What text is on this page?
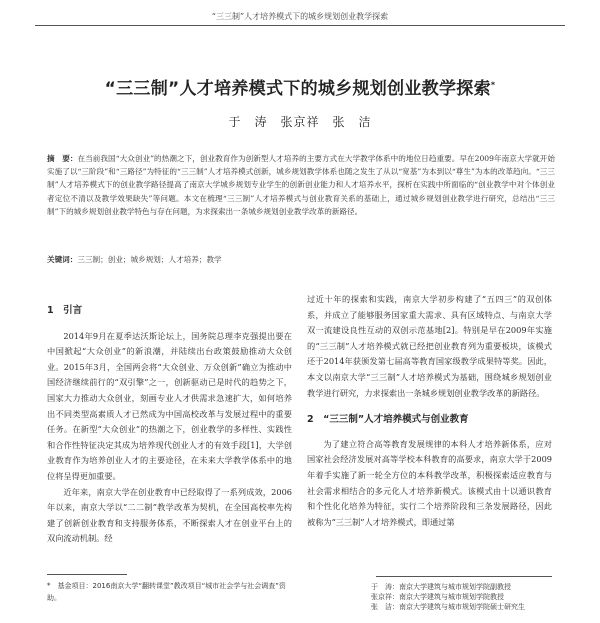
“三三制”人才培养模式下的城乡规划创业教学探索
“三三制”人才培养模式下的城乡规划创业教学探索*
于　涛　张京祥　张　洁
摘　要：在当前我国“大众创业”的热潮之下，创业教育作为创新型人才培养的主要方式在大学教学体系中的地位日趋重要。早在2009年南京大学就开始实施了以“三阶段”和“三路径”为特征的“三三制”人才培养模式创新，城乡规划教学体系也随之发生了从以“宽基”为本到以“尊生”为本的改革趋向。“三三制”人才培养模式下的创业教学路径提高了南京大学城乡规划专业学生的创新创业能力和人才培养水平，探析在实践中所面临的“创业教学中对个体创业者定位不清以及教学效果缺失”等问题。本文在梳理“三三制”人才培养模式与创业教育关系的基础上，通过城乡规划创业教学进行研究，总结出“三三制”下的城乡规划创业教学特色与存在问题，为求探索出一条城乡规划创业教学改革的新路径。
关键词：三三制；创业；城乡规划；人才培养；教学

1　引言

2014年9月在夏季达沃斯论坛上，国务院总理李克强提出要在中国掀起“大众创业”的新浪潮，并陆续出台政策鼓励推动大众创业。2015年3月，全国两会将“大众创业、万众创新”确立为推动中国经济继续前行的“双引擎”之一，创新驱动已是时代的趋势之下，国家大力推动大众创业，刻画专业人才供需求急速扩大，如何培养出不同类型高素质人才已然成为中国高校改革与发展过程中的重要任务。在新型“大众创业”的热潮之下，创业教学的多样性、实践性和合作性特征决定其成为培养现代创业人才的有效手段[1]，大学创业教育作为培养创业人才的主要途径，在未来大学教学体系中的地位将呈得更加重要。

近年来，南京大学在创业教育中已经取得了一系列成效，2006年以来，南京大学以“二二制”教学改革为契机，在全国高校率先构建了创新创业教育和支持服务体系，不断探索人才在创业平台上的双向流动机制。经

过近十年的探索和实践，南京大学初步构建了“五四三”的双创体系，并成立了能够服务国家重大需求、具有区域特点、与南京大学双一流建设良性互动的双创示范基地[2]。特别是早在2009年实施的“三三制”人才培养模式就已经把创业教育列为重要板块，该模式还于2014年获颁发第七届高等教育国家级教学成果特等奖。因此，本文以南京大学“三三制”人才培养模式为基础，围绕城乡规划创业教学进行研究，力求探索出一条城乡规划创业教学改革的新路径。

2　“三三制”人才培养模式与创业教育

为了建立符合高等教育发展规律的本科人才培养新体系，应对国家社会经济发展对高等学校本科教育的高要求，南京大学于2009年着手实施了新一轮全方位的本科教学改革，积极探索适应教育与社会需求相结合的多元化人才培养新模式。该模式由十以通识教育和个性化化培养为特征，实行二个培养阶段和三条发展路径，因此被称为“三三制”人才培养模式，即通过第

*　 基金项目：2016南京大学“翻转课堂”教改项目“城市社会学与社会调查”资助。
于　涛：南京大学建筑与城市规划学院副教授
张京祥：南京大学建筑与城市规划学院教授
张　洁：南京大学建筑与城市规划学院硕士研究生
